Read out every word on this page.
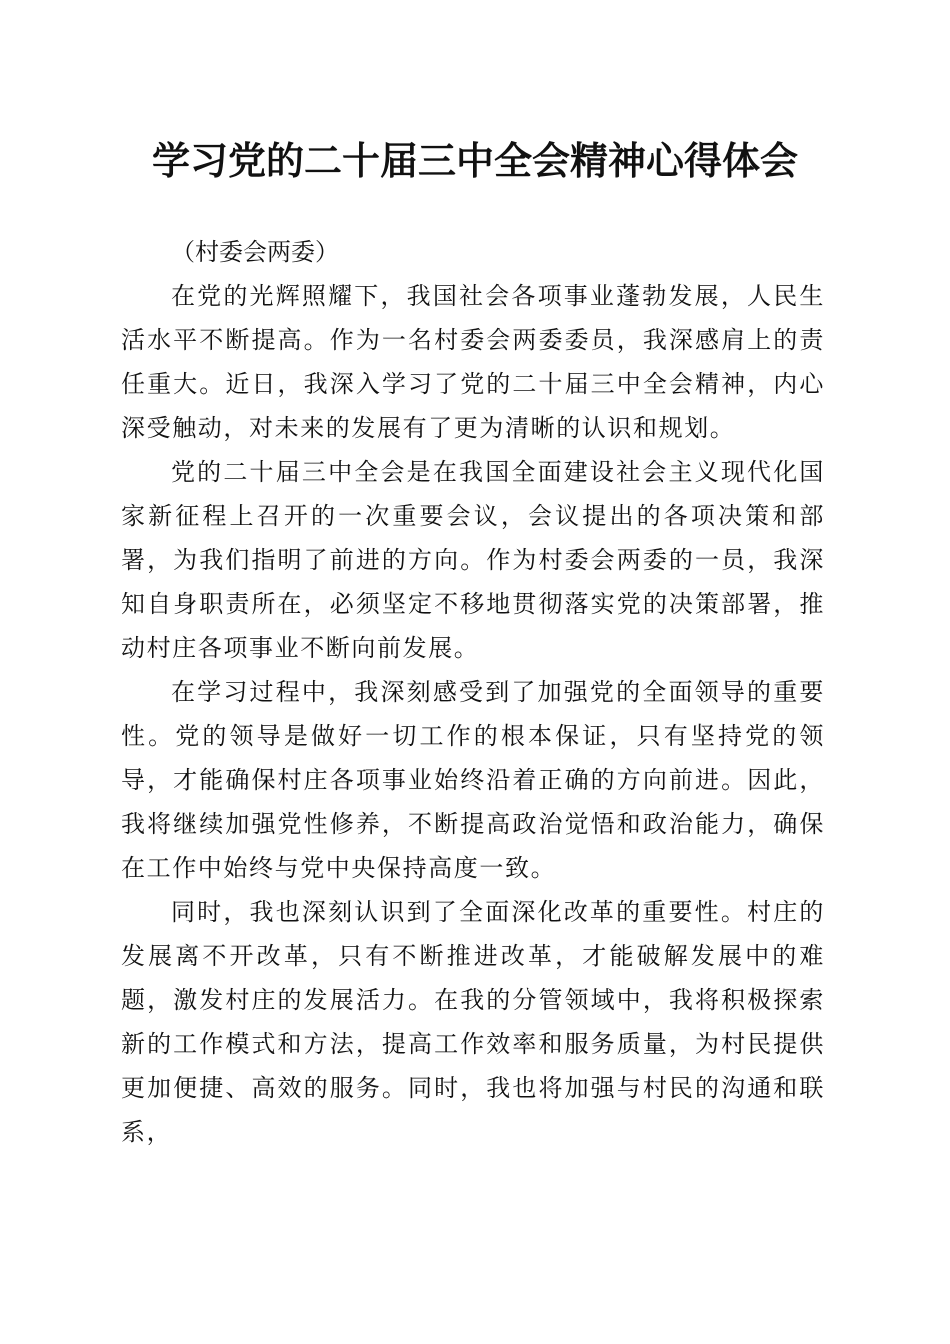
学习党的二十届三中全会精神心得体会

（村委会两委）

在党的光辉照耀下，我国社会各项事业蓬勃发展，人民生活水平不断提高。作为一名村委会两委委员，我深感肩上的责任重大。近日，我深入学习了党的二十届三中全会精神，内心深受触动，对未来的发展有了更为清晰的认识和规划。

党的二十届三中全会是在我国全面建设社会主义现代化国家新征程上召开的一次重要会议，会议提出的各项决策和部署，为我们指明了前进的方向。作为村委会两委的一员，我深知自身职责所在，必须坚定不移地贯彻落实党的决策部署，推动村庄各项事业不断向前发展。

在学习过程中，我深刻感受到了加强党的全面领导的重要性。党的领导是做好一切工作的根本保证，只有坚持党的领导，才能确保村庄各项事业始终沿着正确的方向前进。因此，我将继续加强党性修养，不断提高政治觉悟和政治能力，确保在工作中始终与党中央保持高度一致。

同时，我也深刻认识到了全面深化改革的重要性。村庄的发展离不开改革，只有不断推进改革，才能破解发展中的难题，激发村庄的发展活力。在我的分管领域中，我将积极探索新的工作模式和方法，提高工作效率和服务质量，为村民提供更加便捷、高效的服务。同时，我也将加强与村民的沟通和联系，
